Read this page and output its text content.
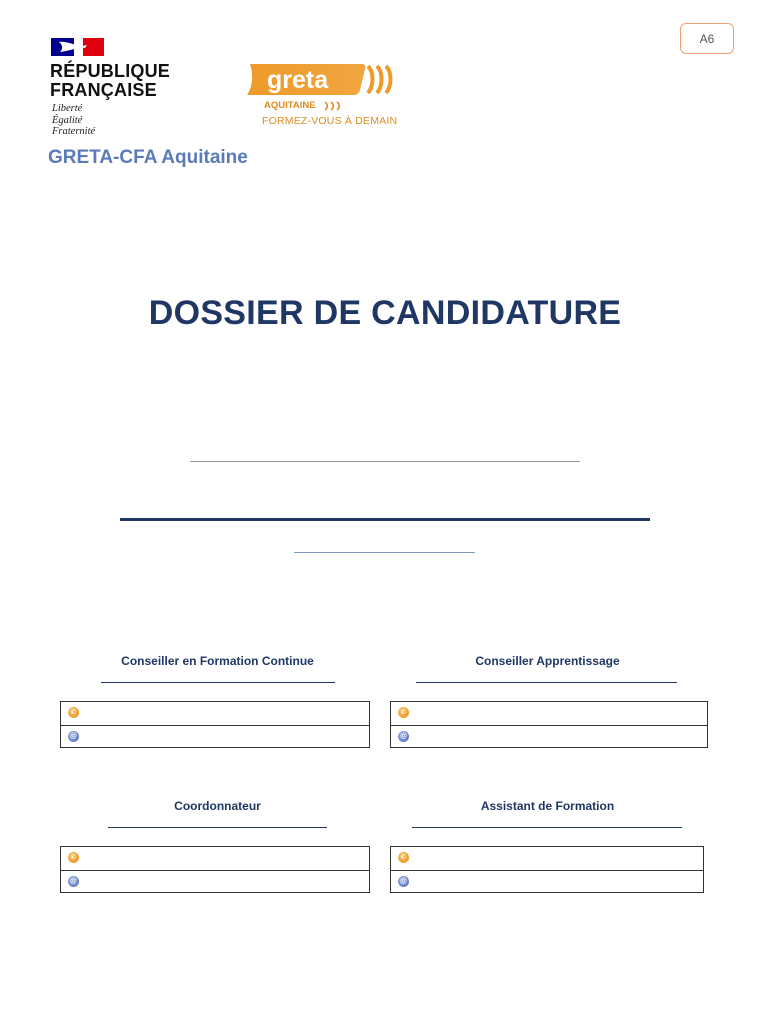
A6
RÉPUBLIQUE
FRANÇAISE
Liberté
Égalité
Fraternité
GRETA-CFA Aquitaine
greta
AQUITAINE
FORMEZ-VOUS À DEMAIN
DOSSIER DE CANDIDATURE
Conseiller en Formation Continue
✆
@
Conseiller Apprentissage
✆
@
Coordonnateur
✆
@
Assistant de Formation
✆
@
